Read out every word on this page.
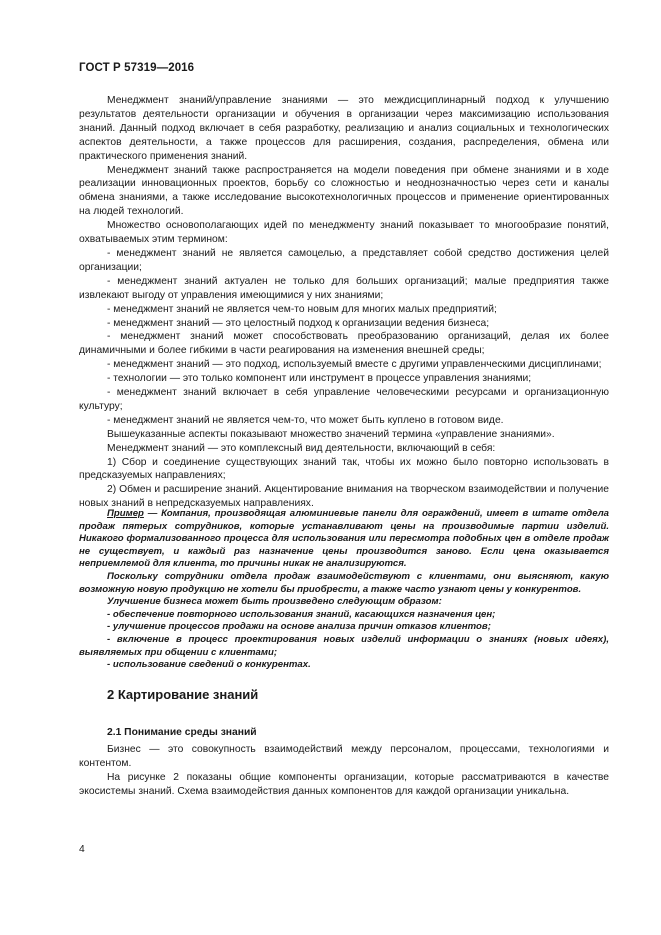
ГОСТ Р 57319—2016

Менеджмент знаний/управление знаниями — это междисциплинарный подход к улучшению результатов деятельности организации и обучения в организации через максимизацию использования знаний. Данный подход включает в себя разработку, реализацию и анализ социальных и технологических аспектов деятельности, а также процессов для расширения, создания, распределения, обмена или практического применения знаний.

Менеджмент знаний также распространяется на модели поведения при обмене знаниями и в ходе реализации инновационных проектов, борьбу со сложностью и неоднозначностью через сети и каналы обмена знаниями, а также исследование высокотехнологичных процессов и применение ориентированных на людей технологий.

Множество основополагающих идей по менеджменту знаний показывает то многообразие понятий, охватываемых этим термином:

- менеджмент знаний не является самоцелью, а представляет собой средство достижения целей организации;

- менеджмент знаний актуален не только для больших организаций; малые предприятия также извлекают выгоду от управления имеющимися у них знаниями;

- менеджмент знаний не является чем-то новым для многих малых предприятий;

- менеджмент знаний — это целостный подход к организации ведения бизнеса;

- менеджмент знаний может способствовать преобразованию организаций, делая их более динамичными и более гибкими в части реагирования на изменения внешней среды;

- менеджмент знаний — это подход, используемый вместе с другими управленческими дисциплинами;

- технологии — это только компонент или инструмент в процессе управления знаниями;

- менеджмент знаний включает в себя управление человеческими ресурсами и организационную культуру;

- менеджмент знаний не является чем-то, что может быть куплено в готовом виде.

Вышеуказанные аспекты показывают множество значений термина «управление знаниями».

Менеджмент знаний — это комплексный вид деятельности, включающий в себя:

1) Сбор и соединение существующих знаний так, чтобы их можно было повторно использовать в предсказуемых направлениях;

2) Обмен и расширение знаний. Акцентирование внимания на творческом взаимодействии и получение новых знаний в непредсказуемых направлениях.

Пример — Компания, производящая алюминиевые панели для ограждений, имеет в штате отдела продаж пятерых сотрудников, которые устанавливают цены на производимые партии изделий. Никакого формализованного процесса для использования или пересмотра подобных цен в отделе продаж не существует, и каждый раз назначение цены производится заново. Если цена оказывается неприемлемой для клиента, то причины никак не анализируются.

Поскольку сотрудники отдела продаж взаимодействуют с клиентами, они выясняют, какую возможную новую продукцию не хотели бы приобрести, а также часто узнают цены у конкурентов.

Улучшение бизнеса может быть произведено следующим образом:

- обеспечение повторного использования знаний, касающихся назначения цен;

- улучшение процессов продажи на основе анализа причин отказов клиентов;

- включение в процесс проектирования новых изделий информации о знаниях (новых идеях), выявляемых при общении с клиентами;

- использование сведений о конкурентах.

2 Картирование знаний
2.1 Понимание среды знаний

Бизнес — это совокупность взаимодействий между персоналом, процессами, технологиями и контентом.

На рисунке 2 показаны общие компоненты организации, которые рассматриваются в качестве экосистемы знаний. Схема взаимодействия данных компонентов для каждой организации уникальна.

4
